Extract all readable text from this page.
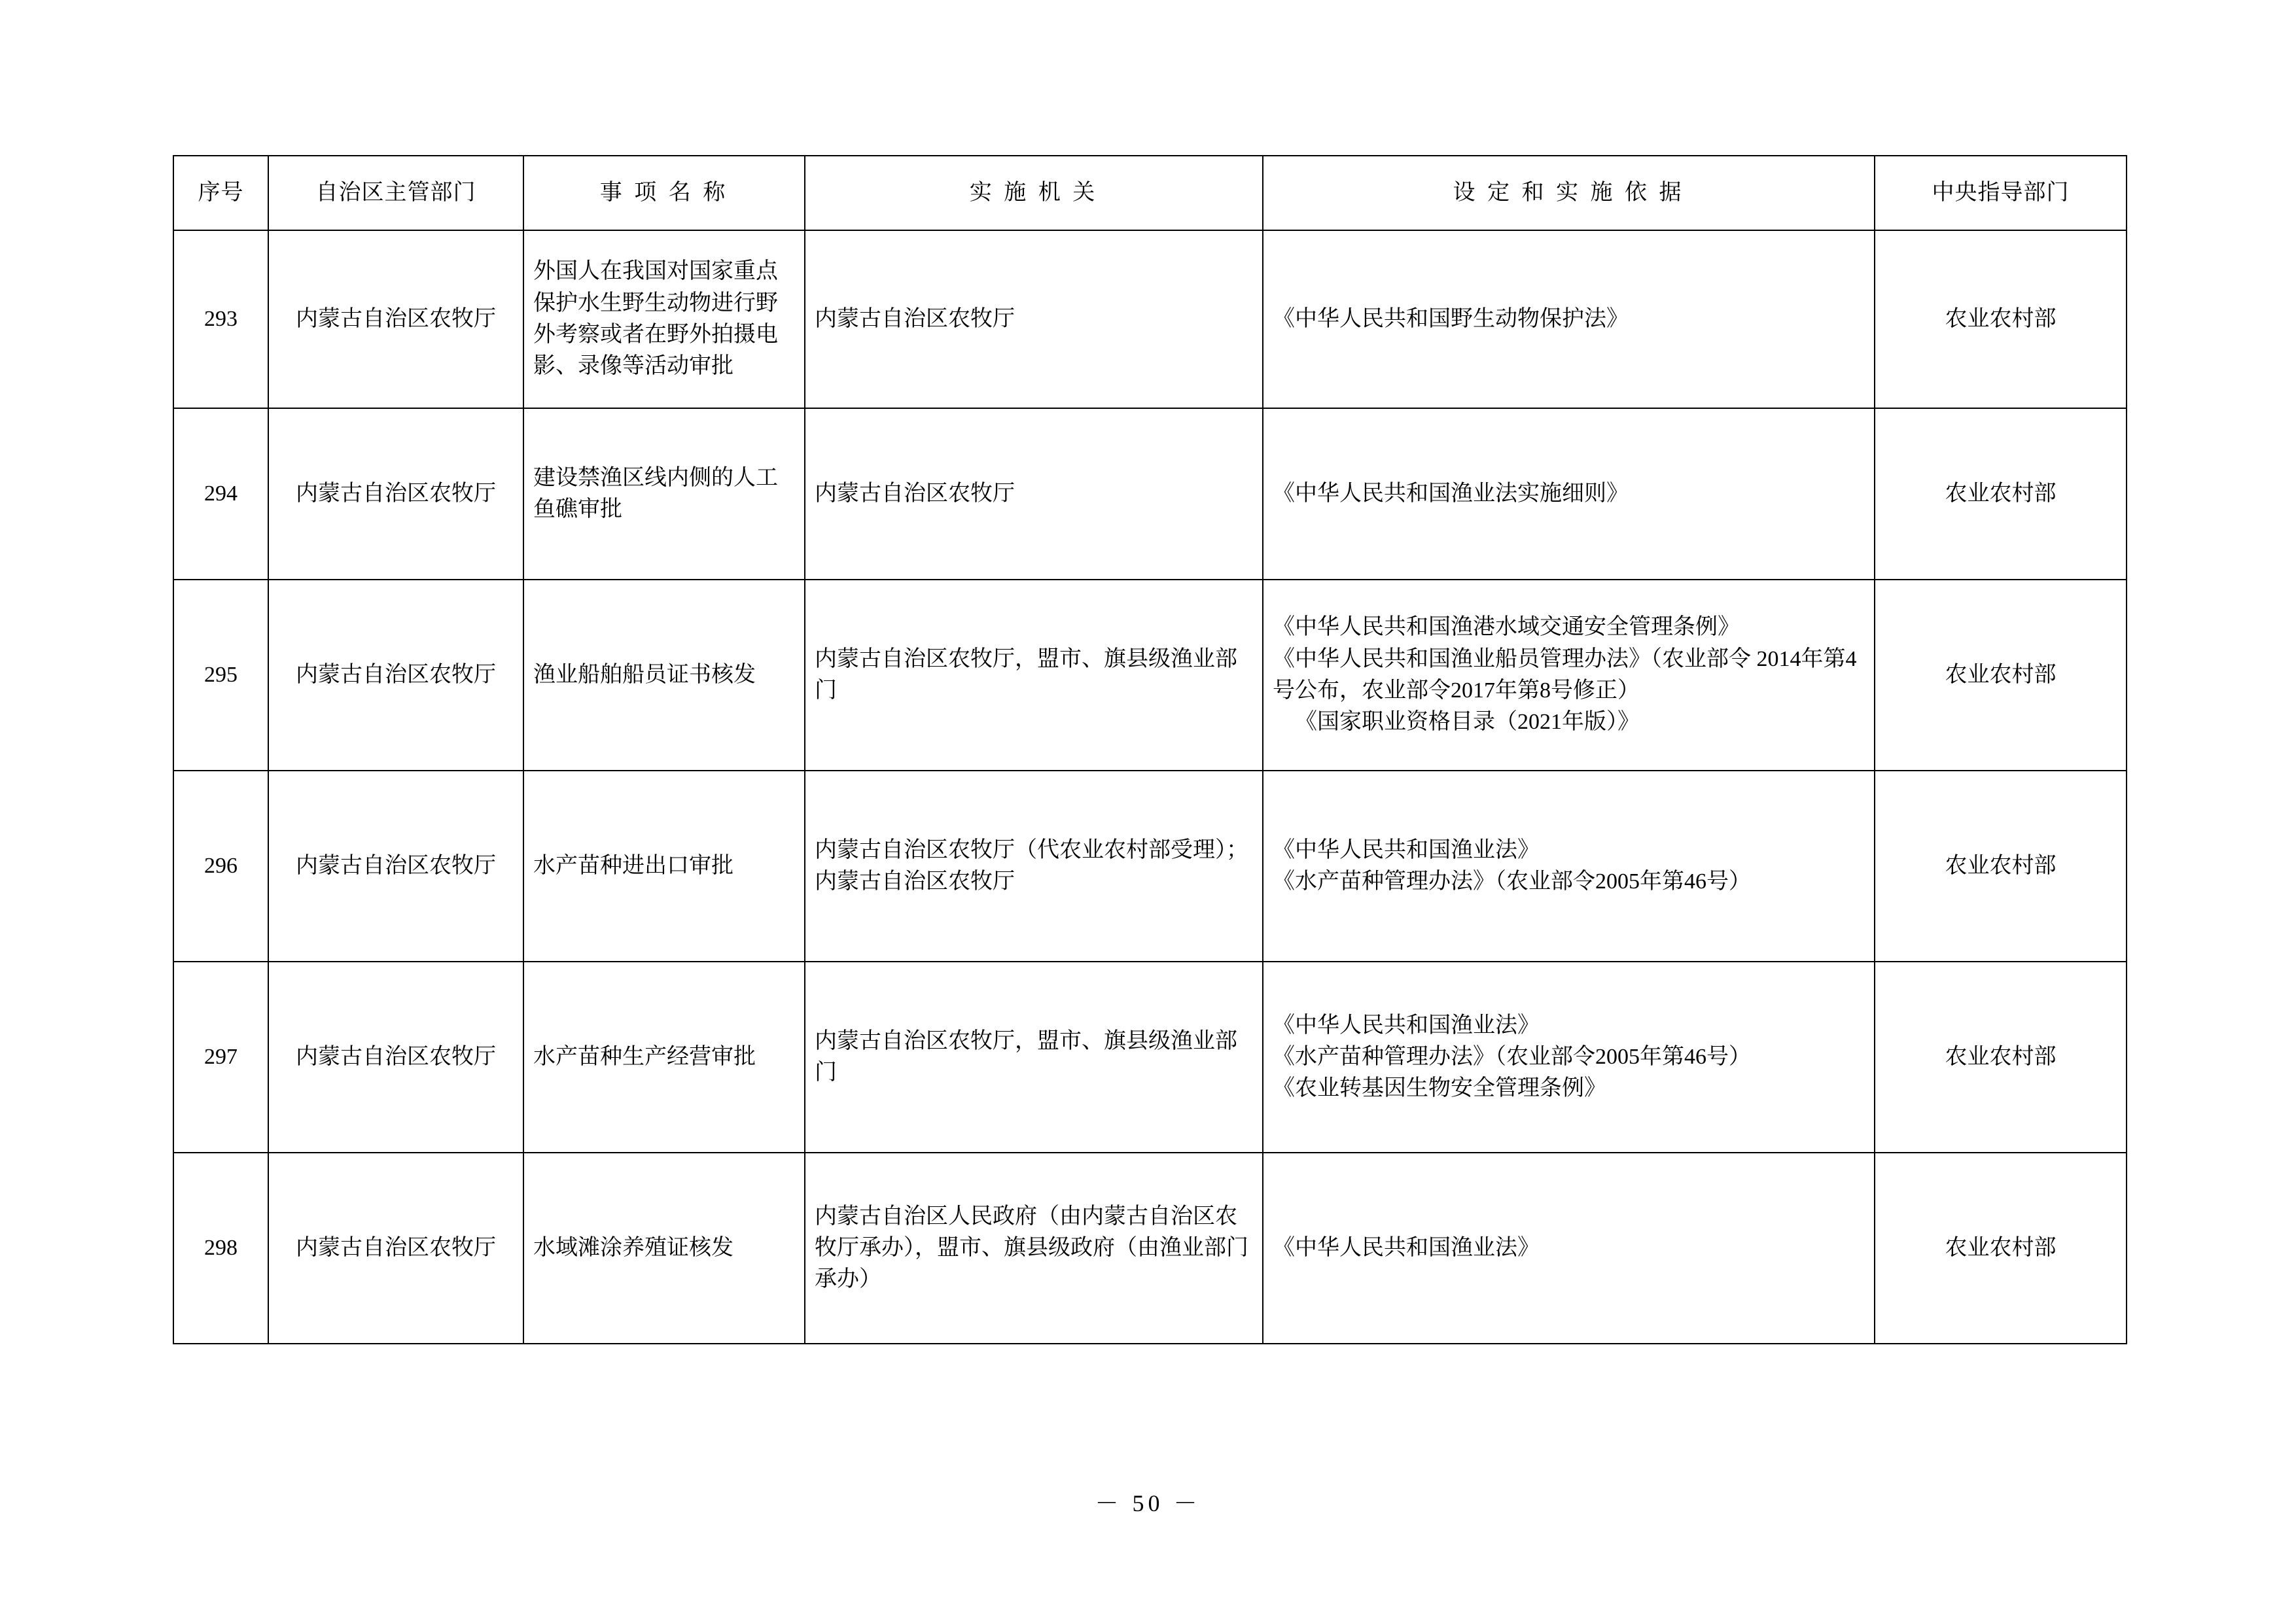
序号	自治区主管部门	事 项 名 称	实 施 机 关	设 定 和 实 施 依 据	中央指导部门
293	内蒙古自治区农牧厅	外国人在我国对国家重点保护水生野生动物进行野外考察或者在野外拍摄电影、录像等活动审批	内蒙古自治区农牧厅	《中华人民共和国野生动物保护法》	农业农村部
294	内蒙古自治区农牧厅	建设禁渔区线内侧的人工鱼礁审批	内蒙古自治区农牧厅	《中华人民共和国渔业法实施细则》	农业农村部
295	内蒙古自治区农牧厅	渔业船舶船员证书核发	内蒙古自治区农牧厅，盟市、旗县级渔业部门	《中华人民共和国渔港水域交通安全管理条例》
《中华人民共和国渔业船员管理办法》（农业部令 2014年第4号公布，农业部令2017年第8号修正）
《国家职业资格目录（2021年版）》	农业农村部
296	内蒙古自治区农牧厅	水产苗种进出口审批	内蒙古自治区农牧厅（代农业农村部受理）；内蒙古自治区农牧厅	《中华人民共和国渔业法》
《水产苗种管理办法》（农业部令2005年第46号）	农业农村部
297	内蒙古自治区农牧厅	水产苗种生产经营审批	内蒙古自治区农牧厅，盟市、旗县级渔业部门	《中华人民共和国渔业法》
《水产苗种管理办法》（农业部令2005年第46号）
《农业转基因生物安全管理条例》	农业农村部
298	内蒙古自治区农牧厅	水域滩涂养殖证核发	内蒙古自治区人民政府（由内蒙古自治区农牧厅承办），盟市、旗县级政府（由渔业部门承办）	《中华人民共和国渔业法》	农业农村部
－ 50 －
